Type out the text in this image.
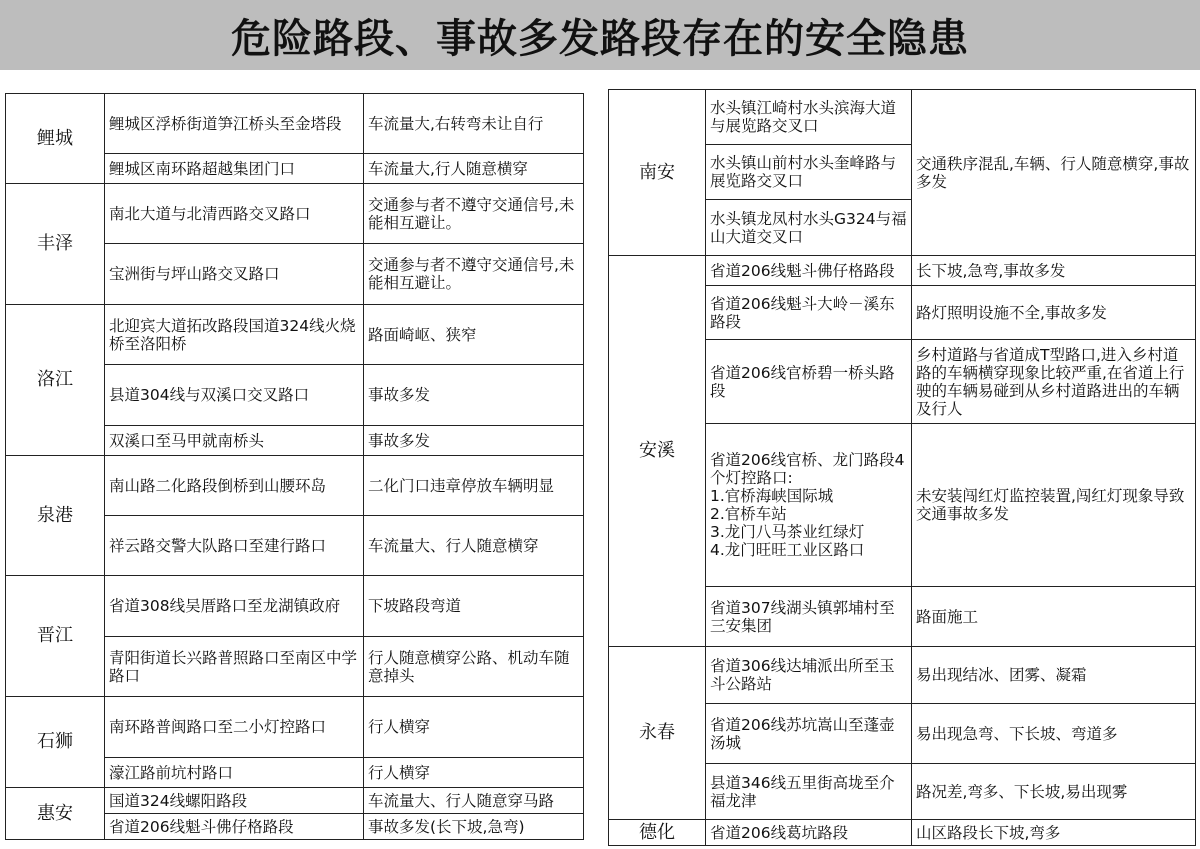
危险路段、事故多发路段存在的安全隐患
鲤城	鲤城区浮桥街道笋江桥头至金塔段	车流量大,右转弯未让自行
	鲤城区南环路超越集团门口	车流量大,行人随意横穿
丰泽	南北大道与北清西路交叉路口	交通参与者不遵守交通信号,未能相互避让。
	宝洲街与坪山路交叉路口	交通参与者不遵守交通信号,未能相互避让。
洛江	北迎宾大道拓改路段国道324线火烧桥至洛阳桥	路面崎岖、狭窄
	县道304线与双溪口交叉路口	事故多发
	双溪口至马甲就南桥头	事故多发
泉港	南山路二化路段倒桥到山腰环岛	二化门口违章停放车辆明显
	祥云路交警大队路口至建行路口	车流量大、行人随意横穿
晋江	省道308线吴厝路口至龙湖镇政府	下坡路段弯道
	青阳街道长兴路普照路口至南区中学路口	行人随意横穿公路、机动车随意掉头
石狮	南环路普闽路口至二小灯控路口	行人横穿
	濠江路前坑村路口	行人横穿
惠安	国道324线螺阳路段	车流量大、行人随意穿马路
	省道206线魁斗佛仔格路段	事故多发(长下坡,急弯)
南安	水头镇江崎村水头滨海大道与展览路交叉口	交通秩序混乱,车辆、行人随意横穿,事故多发
	水头镇山前村水头奎峰路与展览路交叉口	
	水头镇龙凤村水头G324与福山大道交叉口	
安溪	省道206线魁斗佛仔格路段	长下坡,急弯,事故多发
	省道206线魁斗大岭－溪东路段	路灯照明设施不全,事故多发
	省道206线官桥碧一桥头路段	乡村道路与省道成T型路口,进入乡村道路的车辆横穿现象比较严重,在省道上行驶的车辆易碰到从乡村道路进出的车辆及行人

	省道206线官桥、龙门路段4个灯控路口:
1.官桥海峡国际城
2.官桥车站
3.龙门八马茶业红绿灯
4.龙门旺旺工业区路口	未安装闯红灯监控装置,闯红灯现象导致交通事故多发
	省道307线湖头镇郭埔村至三安集团	路面施工
永春	省道306线达埔派出所至玉斗公路站	易出现结冰、团雾、凝霜
	省道206线苏坑嵩山至蓬壶汤城	易出现急弯、下长坡、弯道多
	县道346线五里街高垅至介福龙津	路况差,弯多、下长坡,易出现雾
德化	省道206线葛坑路段	山区路段长下坡,弯多
